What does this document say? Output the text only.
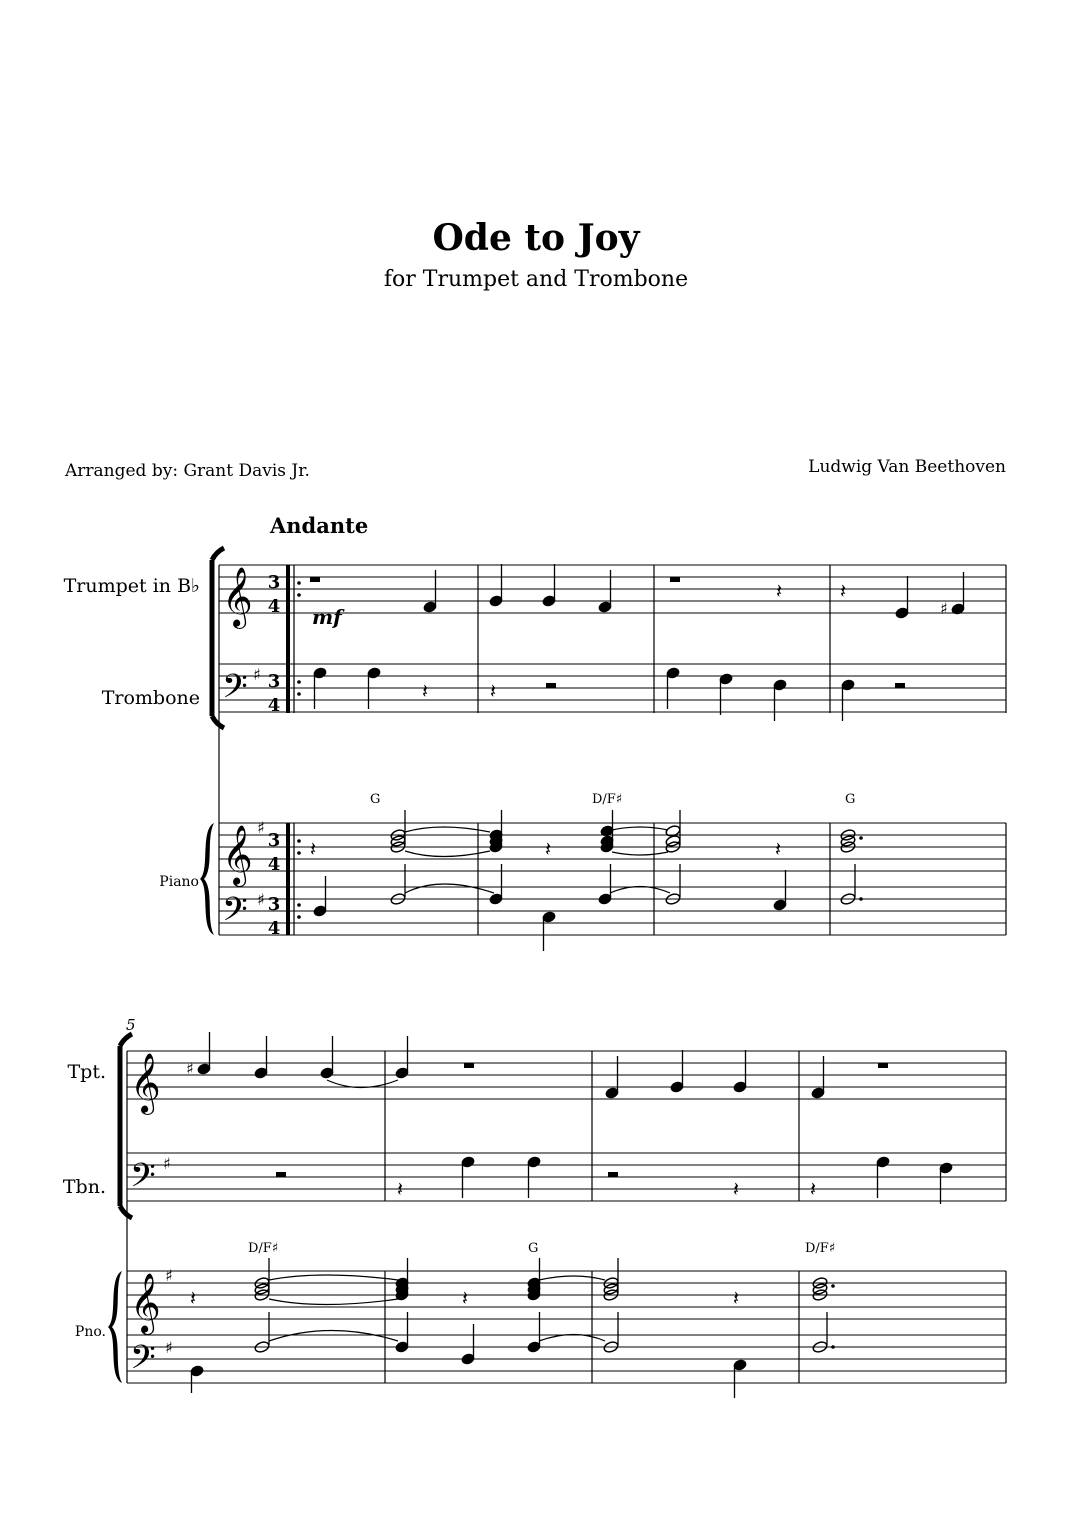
Ode to Joy
for Trumpet and Trombone
Arranged by: Grant Davis Jr.	Ludwig Van Beethoven
Andante
Trumpet in B♭
Trombone
Piano
𝄞
𝄢
𝄞
𝄢
♯
♯
♯
3
4
3
4
3
4
3
4
mf
𝄽	𝄽
♯
𝄽	𝄽
G	D/F♯	G
𝄽	𝄽	𝄽
5
Tpt.
Tbn.
Pno.
𝄞
𝄢
𝄞
𝄢
♯
♯
♯
♯
𝄽	𝄽	𝄽
D/F♯	G	D/F♯
𝄽	𝄽	𝄽
